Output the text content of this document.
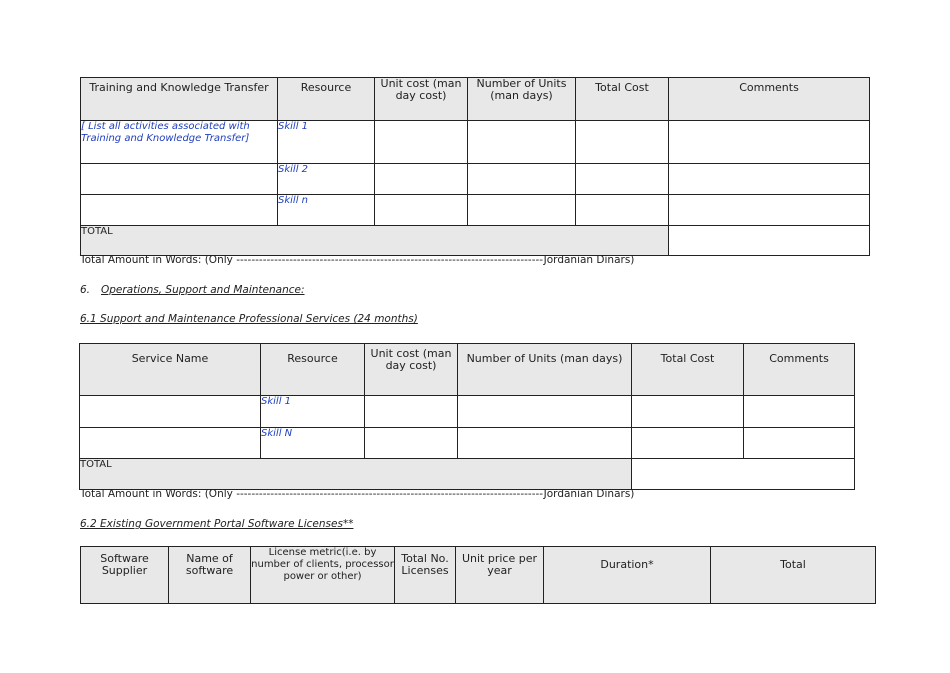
Training and Knowledge Transfer	Resource	Unit cost (man day cost)	Number of Units (man days)	Total Cost	Comments
[ List all activities associated with Training and Knowledge Transfer]	Skill 1				
	Skill 2				
	Skill n				
TOTAL					
Total Amount in Words: (Only ---------------------------------------------------------------------------------Jordanian Dinars)
6. Operations, Support and Maintenance:
6.1 Support and Maintenance Professional Services (24 months)
Service Name	Resource	Unit cost (man day cost)	Number of Units (man days)	Total Cost	Comments
	Skill 1				
	Skill N				
TOTAL					
Total Amount in Words: (Only ---------------------------------------------------------------------------------Jordanian Dinars)
6.2 Existing Government Portal Software Licenses**
Software Supplier	Name of software	License metric(i.e. by number of clients, processor power or other)	Total No. Licenses	Unit price per year	Duration*	Total
